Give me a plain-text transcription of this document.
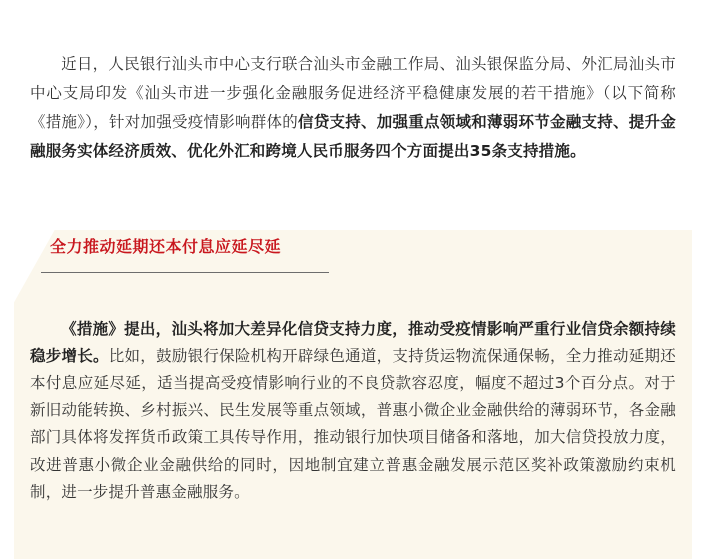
近日，人民银行汕头市中心支行联合汕头市金融工作局、汕头银保监分局、外汇局汕头市中心支局印发《汕头市进一步强化金融服务促进经济平稳健康发展的若干措施》（以下简称《措施》），针对加强受疫情影响群体的信贷支持、加强重点领域和薄弱环节金融支持、提升金融服务实体经济质效、优化外汇和跨境人民币服务四个方面提出35条支持措施。

全力推动延期还本付息应延尽延

《措施》提出，汕头将加大差异化信贷支持力度，推动受疫情影响严重行业信贷余额持续稳步增长。比如，鼓励银行保险机构开辟绿色通道，支持货运物流保通保畅，全力推动延期还本付息应延尽延，适当提高受疫情影响行业的不良贷款容忍度，幅度不超过3个百分点。对于新旧动能转换、乡村振兴、民生发展等重点领域，普惠小微企业金融供给的薄弱环节，各金融部门具体将发挥货币政策工具传导作用，推动银行加快项目储备和落地，加大信贷投放力度，改进普惠小微企业金融供给的同时，因地制宜建立普惠金融发展示范区奖补政策激励约束机制，进一步提升普惠金融服务。
